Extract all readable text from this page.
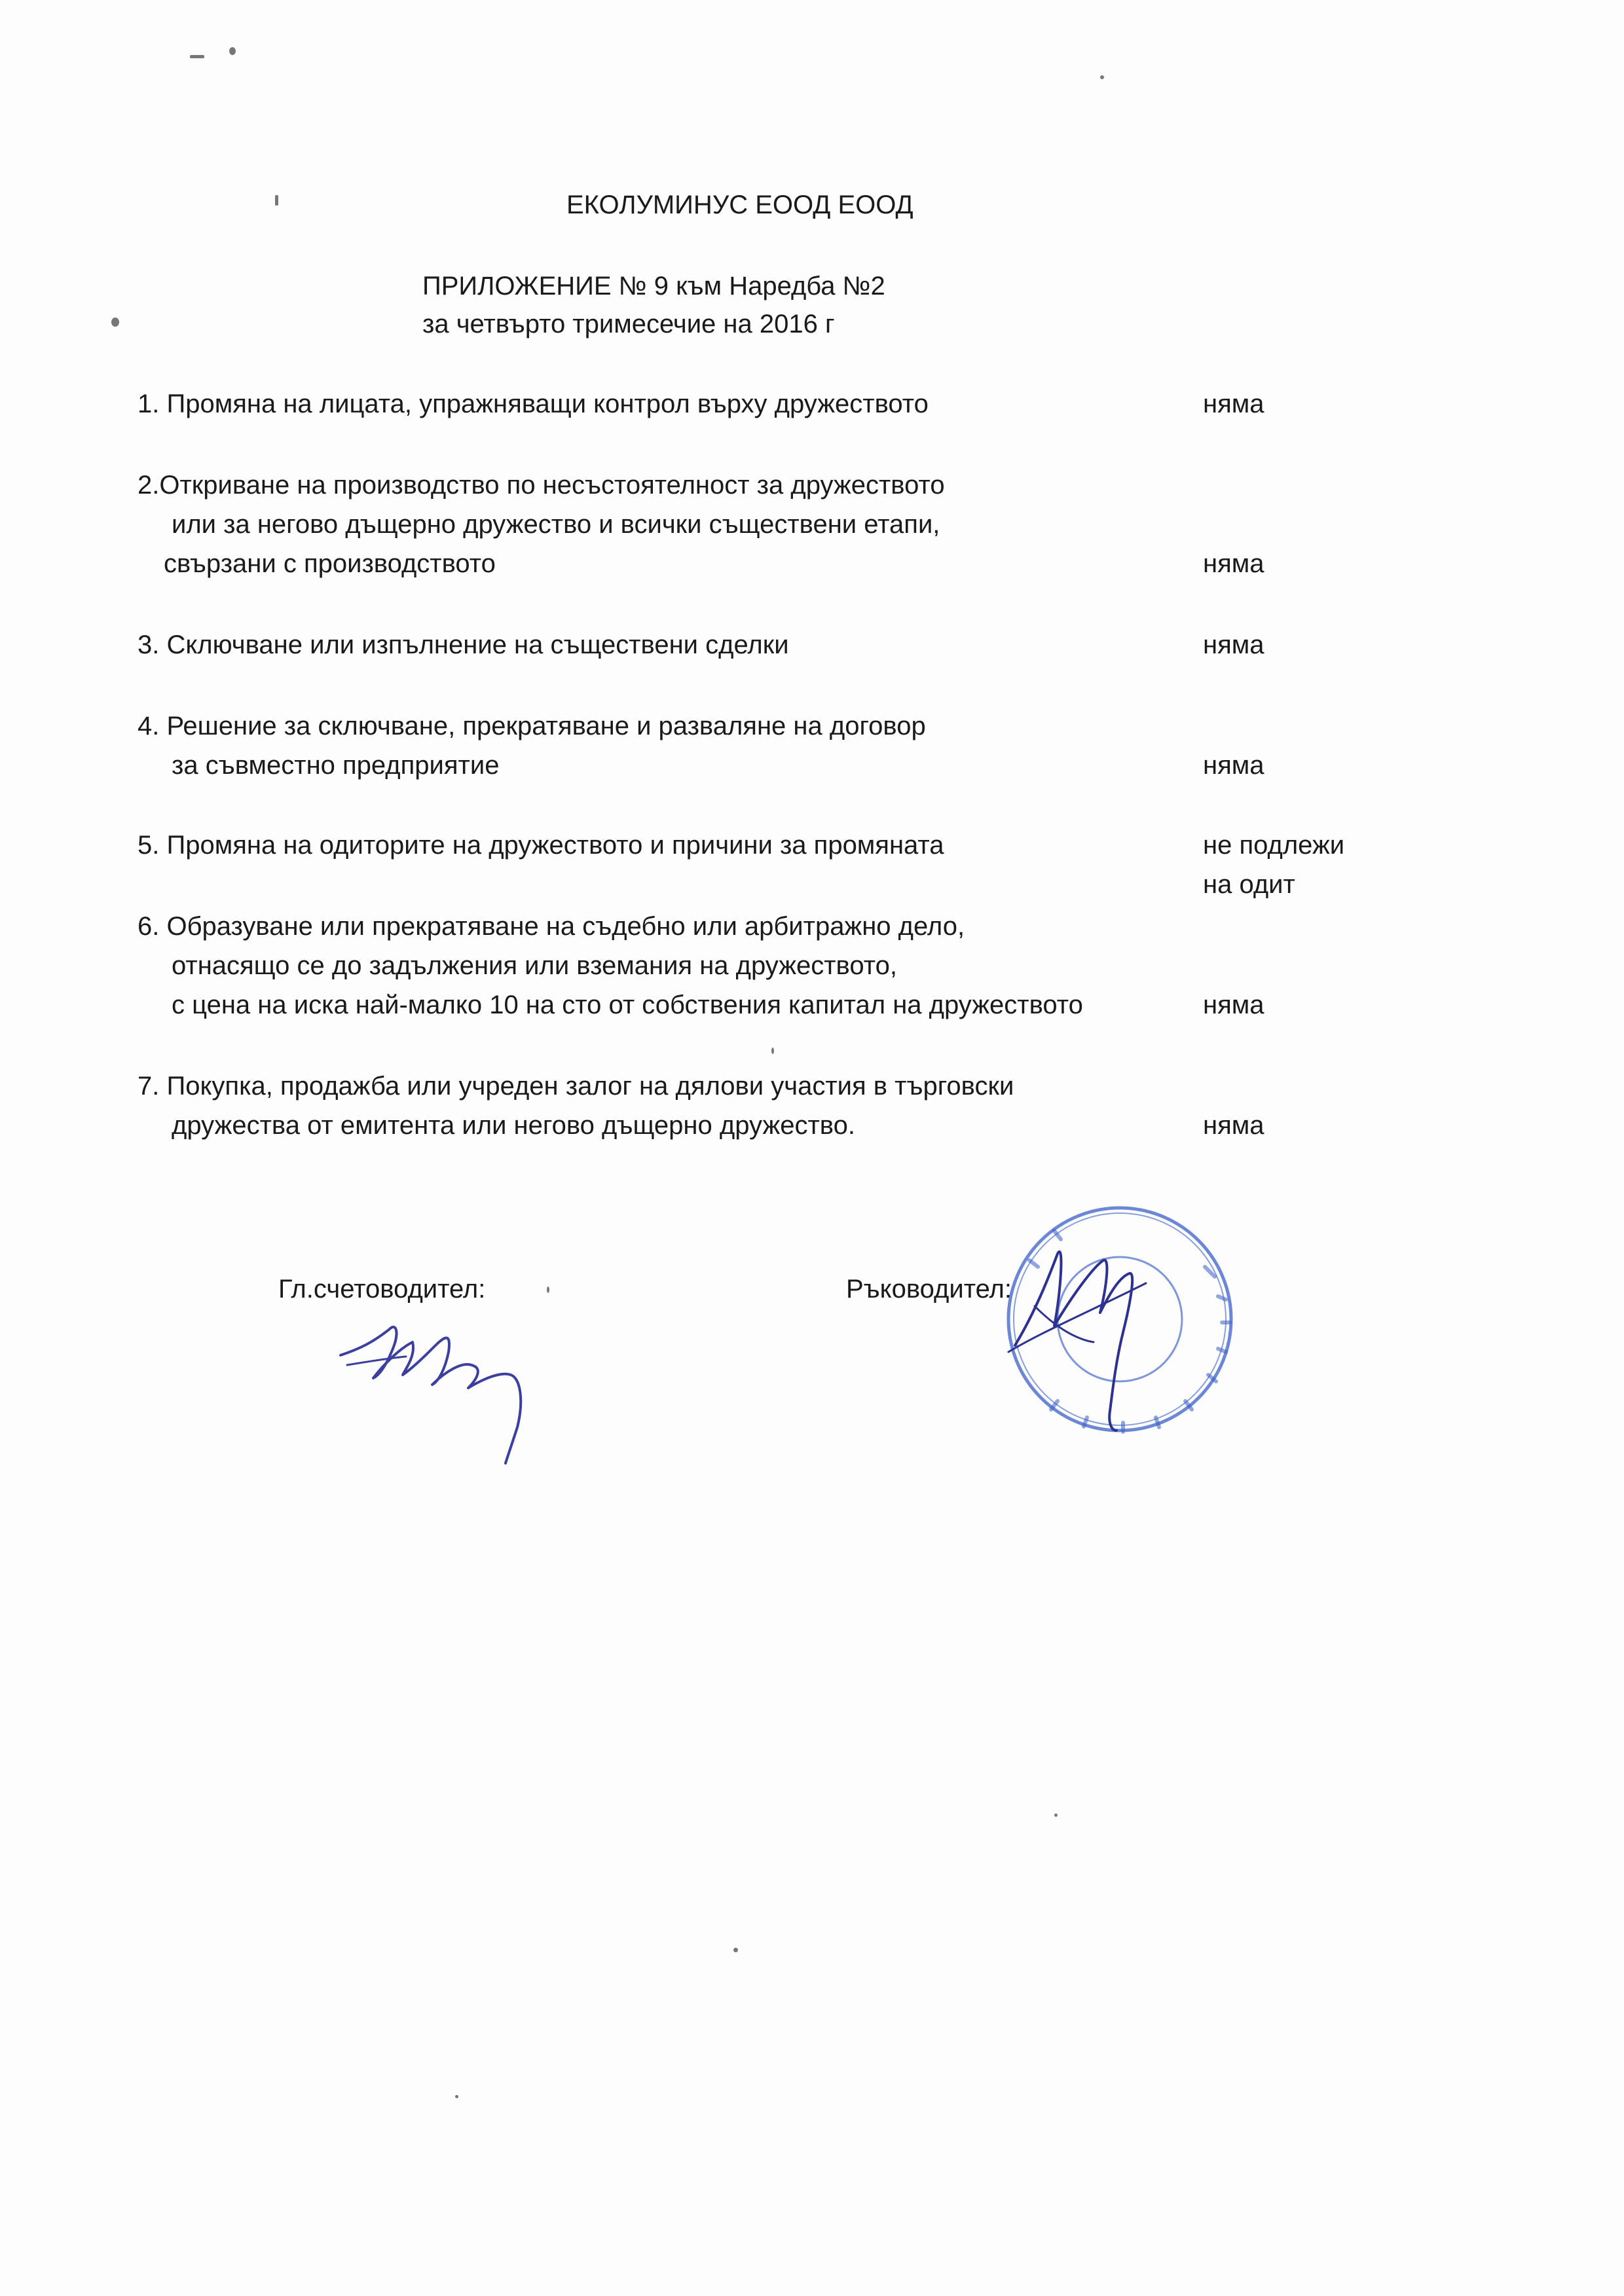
ЕКОЛУМИНУС ЕООД ЕООД
ПРИЛОЖЕНИЕ № 9 към Наредба №2
за четвърто тримесечие на 2016 г
1. Промяна на лицата, упражняващи контрол върху дружеството	няма
2.Откриване на производство по несъстоятелност за дружеството
или за негово дъщерно дружество и всички съществени етапи,
свързани с производството	няма
3. Сключване или изпълнение на съществени сделки	няма
4. Решение за сключване, прекратяване и разваляне на договор
за съвместно предприятие	няма
5. Промяна на одиторите на дружеството и причини за промяната	не подлежи
на одит
6. Образуване или прекратяване на съдебно или арбитражно дело,
отнасящо се до задължения или вземания на дружеството,
с цена на иска най-малко 10 на сто от собствения капитал на дружеството	няма
7. Покупка, продажба или учреден залог на дялови участия в търговски
дружества от емитента или негово дъщерно дружество.	няма
Гл.счетоводител:	Ръководител:
